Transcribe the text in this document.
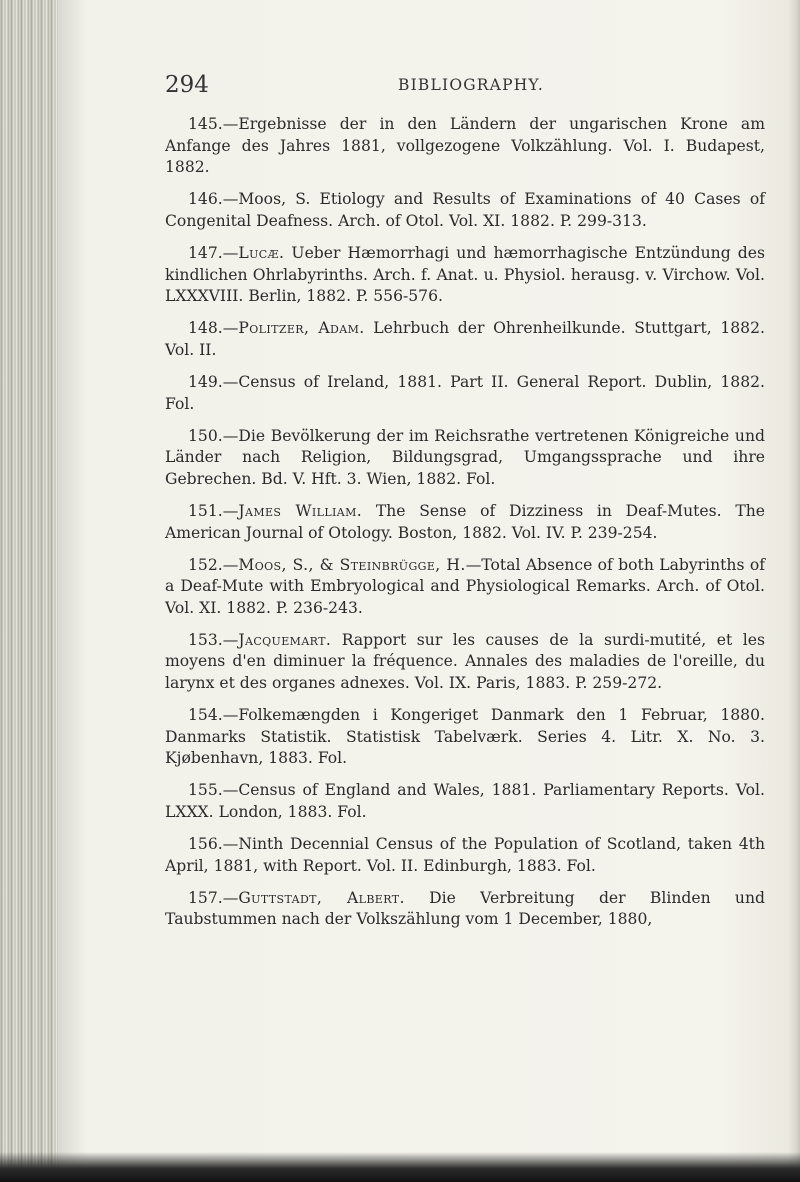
294	BIBLIOGRAPHY.

145.—Ergebnisse der in den Ländern der ungarischen Krone am Anfange des Jahres 1881, vollgezogene Volkzählung. Vol. I. Budapest, 1882.

146.—Moos, S. Etiology and Results of Examinations of 40 Cases of Congenital Deafness. Arch. of Otol. Vol. XI. 1882. P. 299-313.

147.—Lucæ. Ueber Hæmorrhagi und hæmorrhagische Entzündung des kindlichen Ohrlabyrinths. Arch. f. Anat. u. Physiol. herausg. v. Virchow. Vol. LXXXVIII. Berlin, 1882. P. 556-576.

148.—Politzer, Adam. Lehrbuch der Ohrenheilkunde. Stuttgart, 1882. Vol. II.

149.—Census of Ireland, 1881. Part II. General Report. Dublin, 1882. Fol.

150.—Die Bevölkerung der im Reichsrathe vertretenen Königreiche und Länder nach Religion, Bildungsgrad, Umgangssprache und ihre Gebrechen. Bd. V. Hft. 3. Wien, 1882. Fol.

151.—James William. The Sense of Dizziness in Deaf-Mutes. The American Journal of Otology. Boston, 1882. Vol. IV. P. 239-254.

152.—Moos, S., & Steinbrügge, H.—Total Absence of both Labyrinths of a Deaf-Mute with Embryological and Physiological Remarks. Arch. of Otol. Vol. XI. 1882. P. 236-243.

153.—Jacquemart. Rapport sur les causes de la surdi-mutité, et les moyens d'en diminuer la fréquence. Annales des maladies de l'oreille, du larynx et des organes adnexes. Vol. IX. Paris, 1883. P. 259-272.

154.—Folkemængden i Kongeriget Danmark den 1 Februar, 1880. Danmarks Statistik. Statistisk Tabelværk. Series 4. Litr. X. No. 3. Kjøbenhavn, 1883. Fol.

155.—Census of England and Wales, 1881. Parliamentary Reports. Vol. LXXX. London, 1883. Fol.

156.—Ninth Decennial Census of the Population of Scotland, taken 4th April, 1881, with Report. Vol. II. Edinburgh, 1883. Fol.

157.—Guttstadt, Albert. Die Verbreitung der Blinden und Taubstummen nach der Volkszählung vom 1 December, 1880,
